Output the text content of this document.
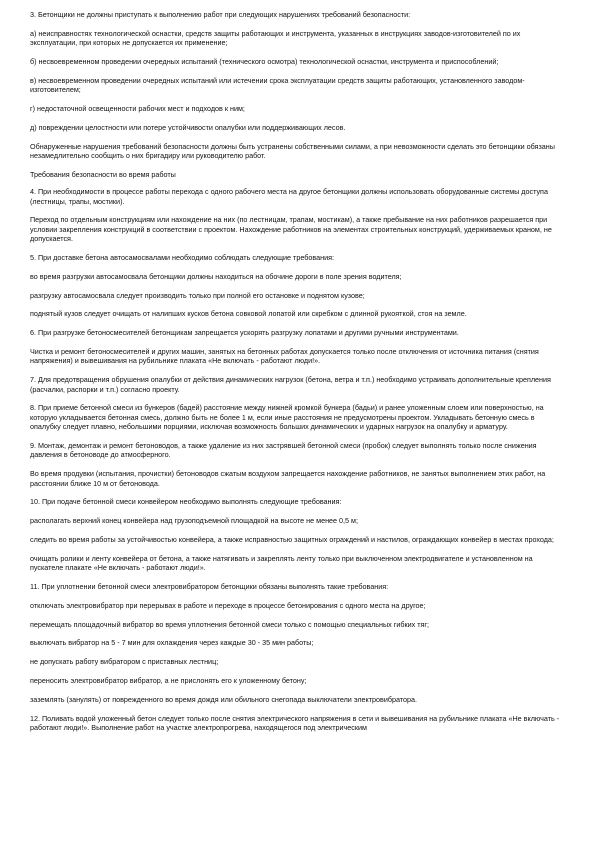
3. Бетонщики не должны приступать к выполнению работ при следующих нарушениях требований безопасности:

а) неисправностях технологической оснастки, средств защиты работающих и инструмента, указанных в инструкциях заводов-изготовителей по их эксплуатации, при которых не допускается их применение;

б) несвоевременном проведении очередных испытаний (технического осмотра) технологической оснастки, инструмента и приспособлений;

в) несвоевременном проведении очередных испытаний или истечении срока эксплуатации средств защиты работающих, установленного заводом-изготовителем;

г) недостаточной освещенности рабочих мест и подходов к ним;

д) повреждении целостности или потере устойчивости опалубки или поддерживающих лесов.

Обнаруженные нарушения требований безопасности должны быть устранены собственными силами, а при невозможности сделать это бетонщики обязаны незамедлительно сообщить о них бригадиру или руководителю работ.

Требования безопасности во время работы

4. При необходимости в процессе работы перехода с одного рабочего места на другое бетонщики должны использовать оборудованные системы доступа (лестницы, трапы, мостики).

Переход по отдельным конструкциям или нахождение на них (по лестницам, трапам, мостикам), а также пребывание на них работников разрешается при условии закрепления конструкций в соответствии с проектом. Нахождение работников на элементах строительных конструкций, удерживаемых краном, не допускается.

5. При доставке бетона автосамосвалами необходимо соблюдать следующие требования:

во время разгрузки автосамосвала бетонщики должны находиться на обочине дороги в поле зрения водителя;

разгрузку автосамосвала следует производить только при полной его остановке и поднятом кузове;

поднятый кузов следует очищать от налипших кусков бетона совковой лопатой или скребком с длинной рукояткой, стоя на земле.

6. При разгрузке бетоносмесителей бетонщикам запрещается ускорять разгрузку лопатами и другими ручными инструментами.

Чистка и ремонт бетоносмесителей и других машин, занятых на бетонных работах допускается только после отключения от источника питания (снятия напряжения) и вывешивания на рубильнике плаката «Не включать - работают люди!».

7. Для предотвращения обрушения опалубки от действия динамических нагрузок (бетона, ветра и т.п.) необходимо устраивать дополнительные крепления (расчалки, распорки и т.п.) согласно проекту.

8. При приеме бетонной смеси из бункеров (бадей) расстояние между нижней кромкой бункера (бадьи) и ранее уложенным слоем или поверхностью, на которую укладывается бетонная смесь, должно быть не более 1 м, если иные расстояния не предусмотрены проектом. Укладывать бетонную смесь в опалубку следует плавно, небольшими порциями, исключая возможность больших динамических и ударных нагрузок на опалубку и арматуру.

9. Монтаж, демонтаж и ремонт бетоноводов, а также удаление из них застрявшей бетонной смеси (пробок) следует выполнять только после снижения давления в бетоноводе до атмосферного.

Во время продувки (испытания, прочистки) бетоноводов сжатым воздухом запрещается нахождение работников, не занятых выполнением этих работ, на расстоянии ближе 10 м от бетоновода.

10. При подаче бетонной смеси конвейером необходимо выполнять следующие требования:

располагать верхний конец конвейера над грузоподъемной площадкой на высоте не менее 0,5 м;

следить во время работы за устойчивостью конвейера, а также исправностью защитных ограждений и настилов, ограждающих конвейер в местах прохода;

очищать ролики и ленту конвейера от бетона, а также натягивать и закреплять ленту только при выключенном электродвигателе и установленном на пускателе плакате «Не включать - работают люди!».

11. При уплотнении бетонной смеси электровибратором бетонщики обязаны выполнять такие требования:

отключать электровибратор при перерывах в работе и переходе в процессе бетонирования с одного места на другое;

перемещать площадочный вибратор во время уплотнения бетонной смеси только с помощью специальных гибких тяг;

выключать вибратор на 5 - 7 мин для охлаждения через каждые 30 - 35 мин работы;

не допускать работу вибратором с приставных лестниц;

переносить электровибратор вибратор, а не прислонять его к уложенному бетону;

заземлять (занулять) от поврежденного во время дождя или обильного снегопада выключатели электровибратора.

12. Поливать водой уложенный бетон следует только после снятия электрического напряжения в сети и вывешивания на рубильнике плаката «Не включать - работают люди!». Выполнение работ на участке электропрогрева, находящегося под электрическим
